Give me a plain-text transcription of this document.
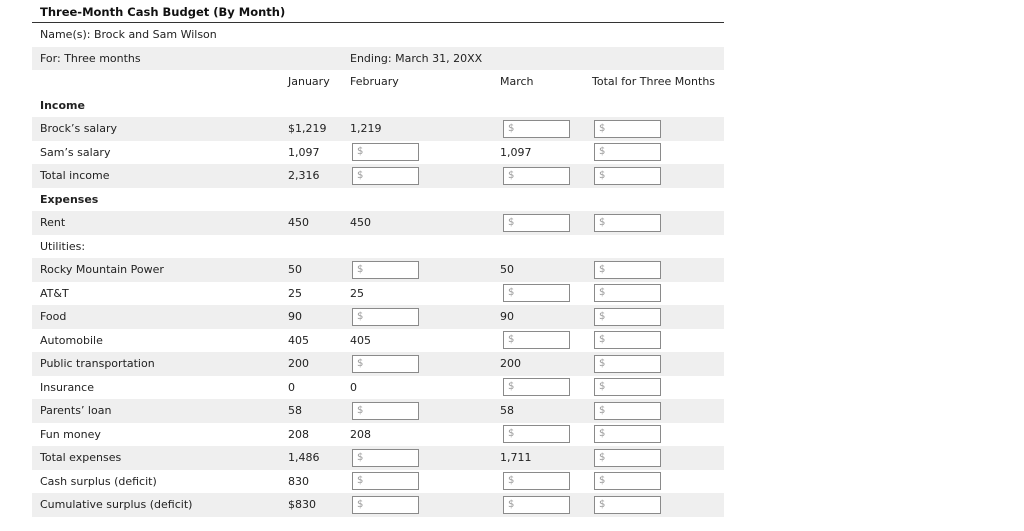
Three-Month Cash Budget (By Month)
Name(s): Brock and Sam Wilson
For: Three months	Ending: March 31, 20XX
January February	March	Total for Three Months
Income
Brock’s salary	$1,219 1,219	$	$
Sam’s salary	1,097	$	1,097	$
Total income	2,316	$	$	$
Expenses
Rent	450	450	$	$
Utilities:
Rocky Mountain Power	50	$	50	$
AT&T	25	25	$	$
Food	90	$	90	$
Automobile	405	405	$	$
Public transportation	200	$	200	$
Insurance	0	0	$	$
Parents’ loan	58	$	58	$
Fun money	208	208	$	$
Total expenses	1,486	$	1,711	$
Cash surplus (deficit)	830	$	$	$
Cumulative surplus (deficit)	$830	$	$	$
